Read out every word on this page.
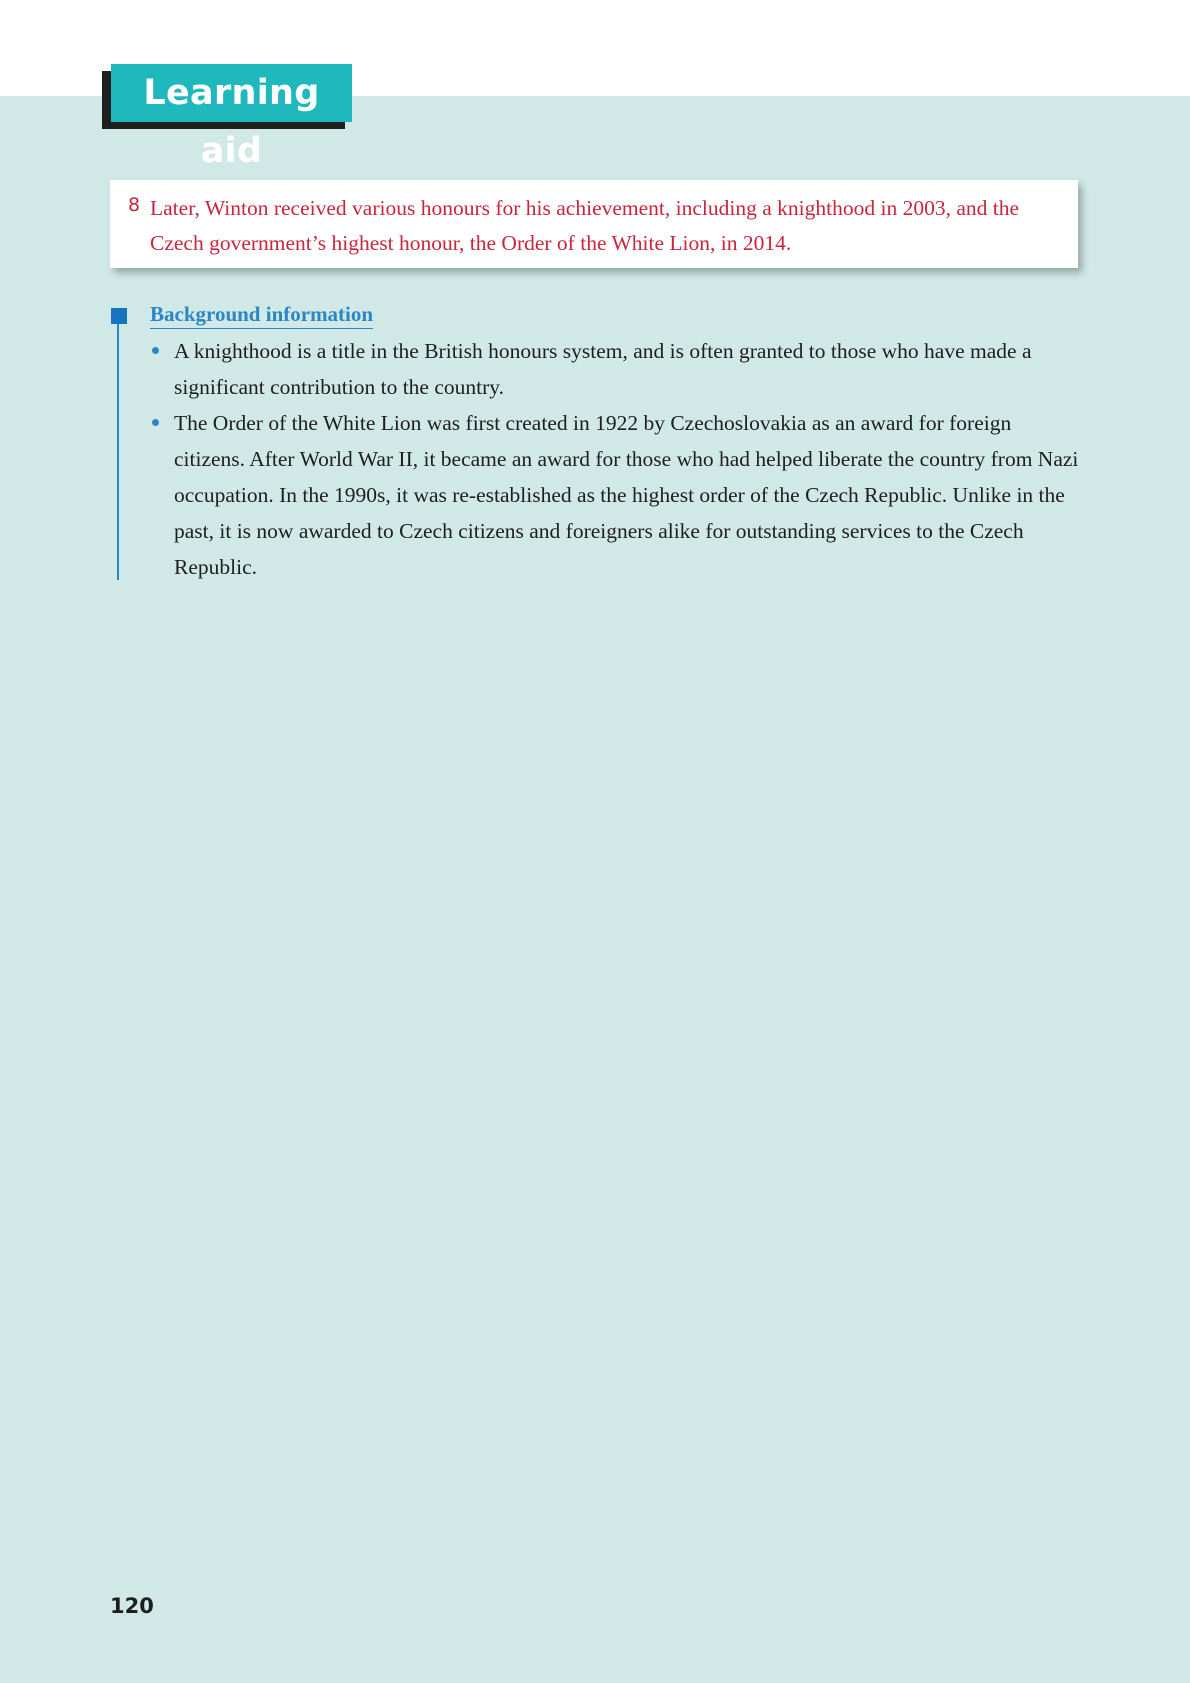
Learning aid
8 Later, Winton received various honours for his achievement, including a knighthood in 2003, and the Czech government’s highest honour, the Order of the White Lion, in 2014.
Background information
A knighthood is a title in the British honours system, and is often granted to those who have made a significant contribution to the country.
The Order of the White Lion was first created in 1922 by Czechoslovakia as an award for foreign citizens. After World War II, it became an award for those who had helped liberate the country from Nazi occupation. In the 1990s, it was re-established as the highest order of the Czech Republic. Unlike in the past, it is now awarded to Czech citizens and foreigners alike for outstanding services to the Czech Republic.
120
